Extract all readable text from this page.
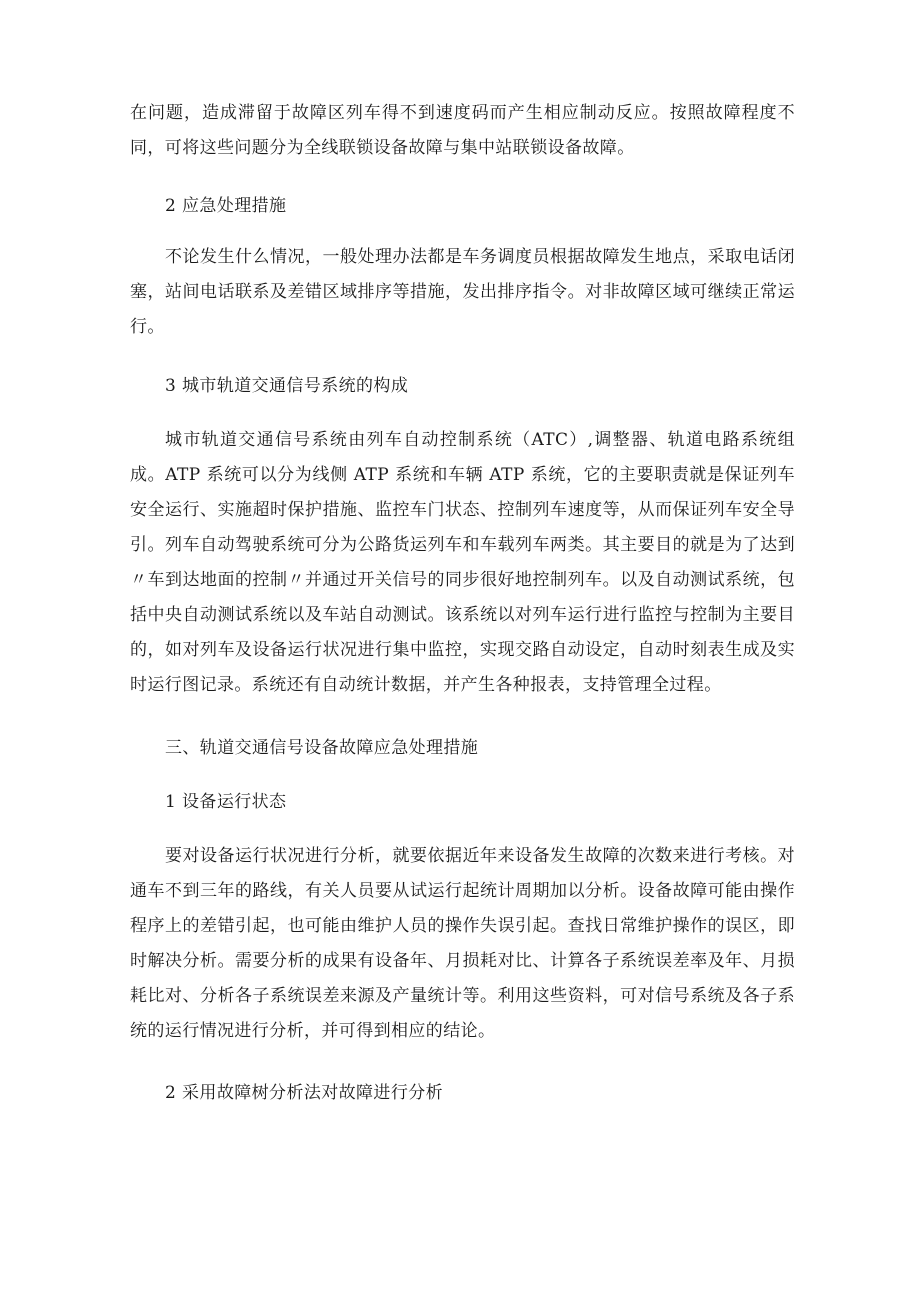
在问题，造成滞留于故障区列车得不到速度码而产生相应制动反应。按照故障程度不同，可将这些问题分为全线联锁设备故障与集中站联锁设备故障。

2 应急处理措施

不论发生什么情况，一般处理办法都是车务调度员根据故障发生地点，采取电话闭塞，站间电话联系及差错区域排序等措施，发出排序指令。对非故障区域可继续正常运行。

3 城市轨道交通信号系统的构成

城市轨道交通信号系统由列车自动控制系统（ATC）,调整器、轨道电路系统组成。ATP 系统可以分为线侧 ATP 系统和车辆 ATP 系统，它的主要职责就是保证列车安全运行、实施超时保护措施、监控车门状态、控制列车速度等，从而保证列车安全导引。列车自动驾驶系统可分为公路货运列车和车载列车两类。其主要目的就是为了达到〃车到达地面的控制〃并通过开关信号的同步很好地控制列车。以及自动测试系统，包括中央自动测试系统以及车站自动测试。该系统以对列车运行进行监控与控制为主要目的，如对列车及设备运行状况进行集中监控，实现交路自动设定，自动时刻表生成及实时运行图记录。系统还有自动统计数据，并产生各种报表，支持管理全过程。

三、轨道交通信号设备故障应急处理措施

1 设备运行状态

要对设备运行状况进行分析，就要依据近年来设备发生故障的次数来进行考核。对通车不到三年的路线，有关人员要从试运行起统计周期加以分析。设备故障可能由操作程序上的差错引起，也可能由维护人员的操作失误引起。查找日常维护操作的误区，即时解决分析。需要分析的成果有设备年、月损耗对比、计算各子系统误差率及年、月损耗比对、分析各子系统误差来源及产量统计等。利用这些资料，可对信号系统及各子系统的运行情况进行分析，并可得到相应的结论。

2 采用故障树分析法对故障进行分析
